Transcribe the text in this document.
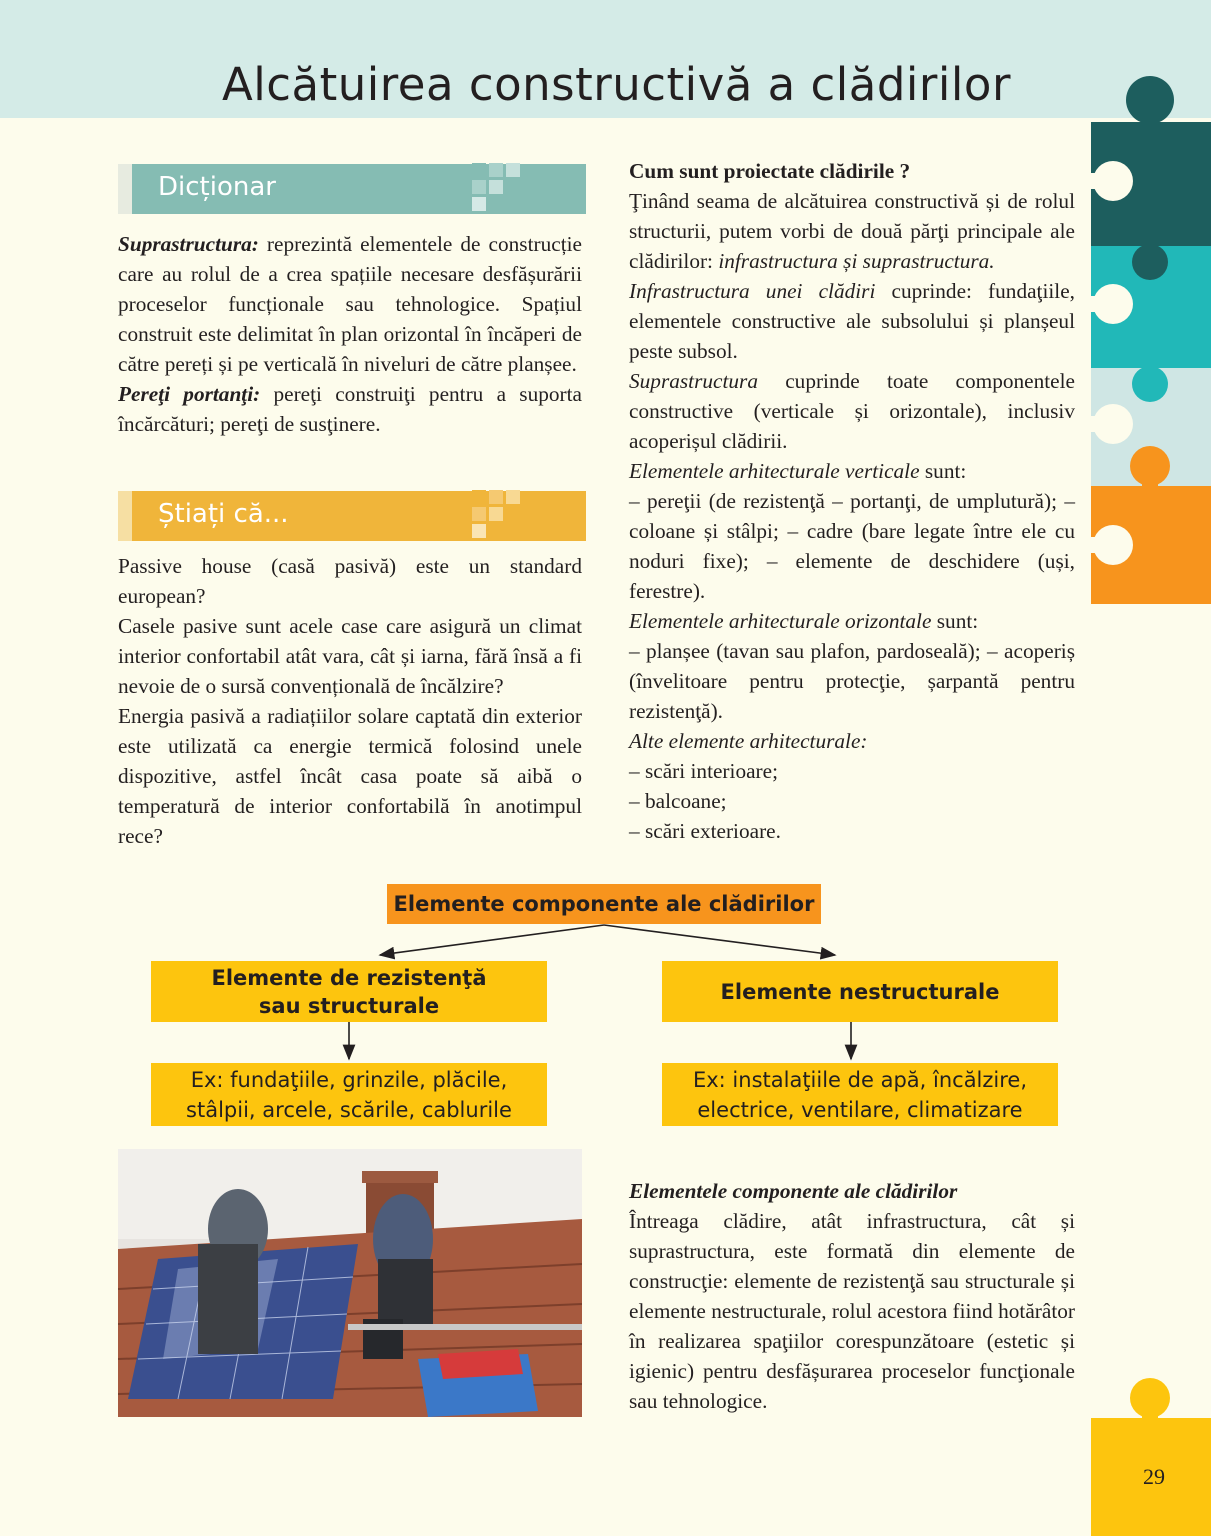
Alcătuirea constructivă a clădirilor
Dicționar

Suprastructura: reprezintă elementele de construcție care au rolul de a crea spațiile necesare desfășurării proceselor funcționale sau tehnologice. Spațiul construit este delimitat în plan orizontal în încăperi de către pereți și pe verticală în niveluri de către planșee.

Pereţi portanţi: pereţi construiţi pentru a suporta încărcături; pereţi de susţinere.

Știați că...

Passive house (casă pasivă) este un standard european?

Casele pasive sunt acele case care asigură un climat interior confortabil atât vara, cât și iarna, fără însă a fi nevoie de o sursă convențională de încălzire?

Energia pasivă a radiațiilor solare captată din exterior este utilizată ca energie termică folosind unele dispozitive, astfel încât casa poate să aibă o temperatură de interior confortabilă în anotimpul rece?

Cum sunt proiectate clădirile ?

Ţinând seama de alcătuirea constructivă și de rolul structurii, putem vorbi de două părţi principale ale clădirilor: infrastructura și suprastructura.

Infrastructura unei clădiri cuprinde: fundaţiile, elementele constructive ale subsolului și planșeul peste subsol.

Suprastructura cuprinde toate componentele constructive (verticale și orizontale), inclusiv acoperișul clădirii.

Elementele arhitecturale verticale sunt:

– pereţii (de rezistenţă – portanţi, de umplutură); – coloane și stâlpi; – cadre (bare legate între ele cu noduri fixe); – elemente de deschidere (uși, ferestre).

Elementele arhitecturale orizontale sunt:

– planșee (tavan sau plafon, pardoseală); – acoperiș (învelitoare pentru protecţie, șarpantă pentru rezistenţă).

Alte elemente arhitecturale:

– scări interioare;

– balcoane;

– scări exterioare.

Elemente componente ale clădirilor
Elemente de rezistenţă sau structurale
Elemente nestructurale
Ex: fundaţiile, grinzile, plăcile, stâlpii, arcele, scările, cablurile
Ex: instalaţiile de apă, încălzire, electrice, ventilare, climatizare

Elementele componente ale clădirilor

Întreaga clădire, atât infrastructura, cât și suprastructura, este formată din elemente de construcţie: elemente de rezistenţă sau structurale și elemente nestructurale, rolul acestora fiind hotărâtor în realizarea spaţiilor corespunzătoare (estetic și igienic) pentru desfășurarea proceselor funcţionale sau tehnologice.

29
